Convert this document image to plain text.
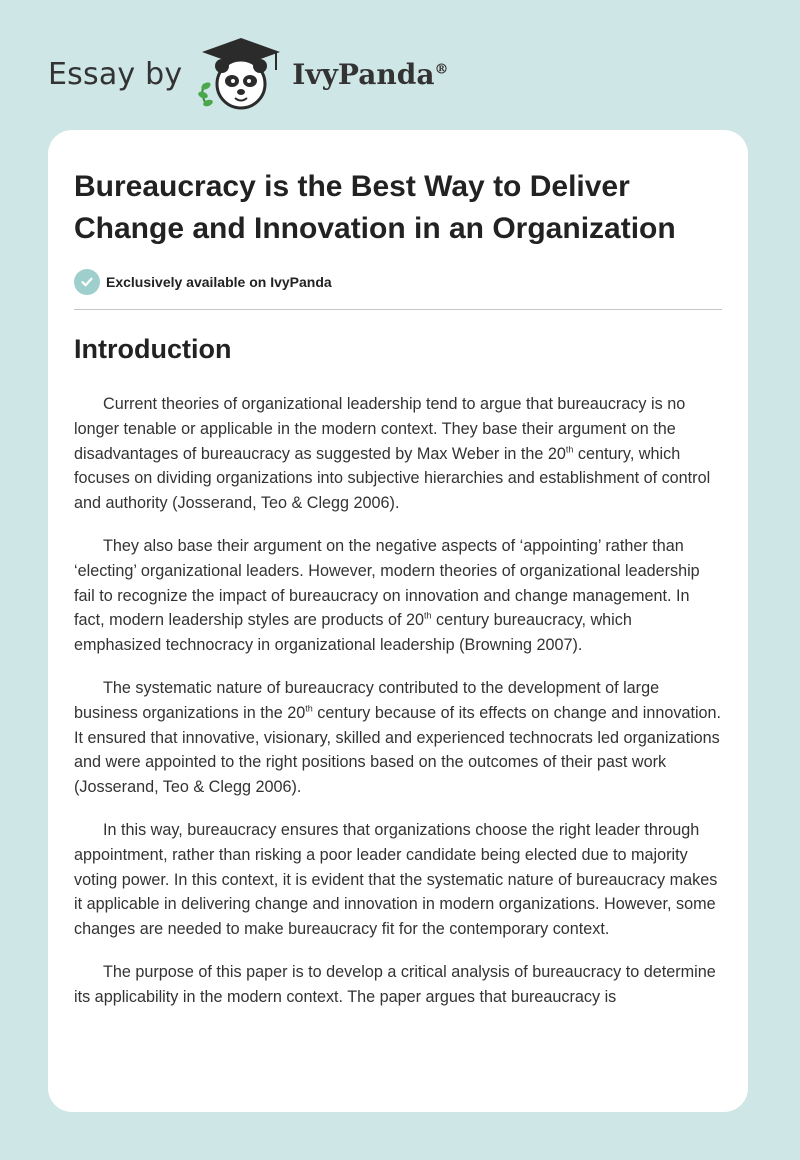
Essay by	IvyPanda®
Bureaucracy is the Best Way to Deliver Change and Innovation in an Organization
Exclusively available on IvyPanda
Introduction

Current theories of organizational leadership tend to argue that bureaucracy is no longer tenable or applicable in the modern context. They base their argument on the disadvantages of bureaucracy as suggested by Max Weber in the 20th century, which focuses on dividing organizations into subjective hierarchies and establishment of control and authority (Josserand, Teo & Clegg 2006).

They also base their argument on the negative aspects of ‘appointing’ rather than ‘electing’ organizational leaders. However, modern theories of organizational leadership fail to recognize the impact of bureaucracy on innovation and change management. In fact, modern leadership styles are products of 20th century bureaucracy, which emphasized technocracy in organizational leadership (Browning 2007).

The systematic nature of bureaucracy contributed to the development of large business organizations in the 20th century because of its effects on change and innovation. It ensured that innovative, visionary, skilled and experienced technocrats led organizations and were appointed to the right positions based on the outcomes of their past work (Josserand, Teo & Clegg 2006).

In this way, bureaucracy ensures that organizations choose the right leader through appointment, rather than risking a poor leader candidate being elected due to majority voting power. In this context, it is evident that the systematic nature of bureaucracy makes it applicable in delivering change and innovation in modern organizations. However, some changes are needed to make bureaucracy fit for the contemporary context.

The purpose of this paper is to develop a critical analysis of bureaucracy to determine its applicability in the modern context. The paper argues that bureaucracy is
